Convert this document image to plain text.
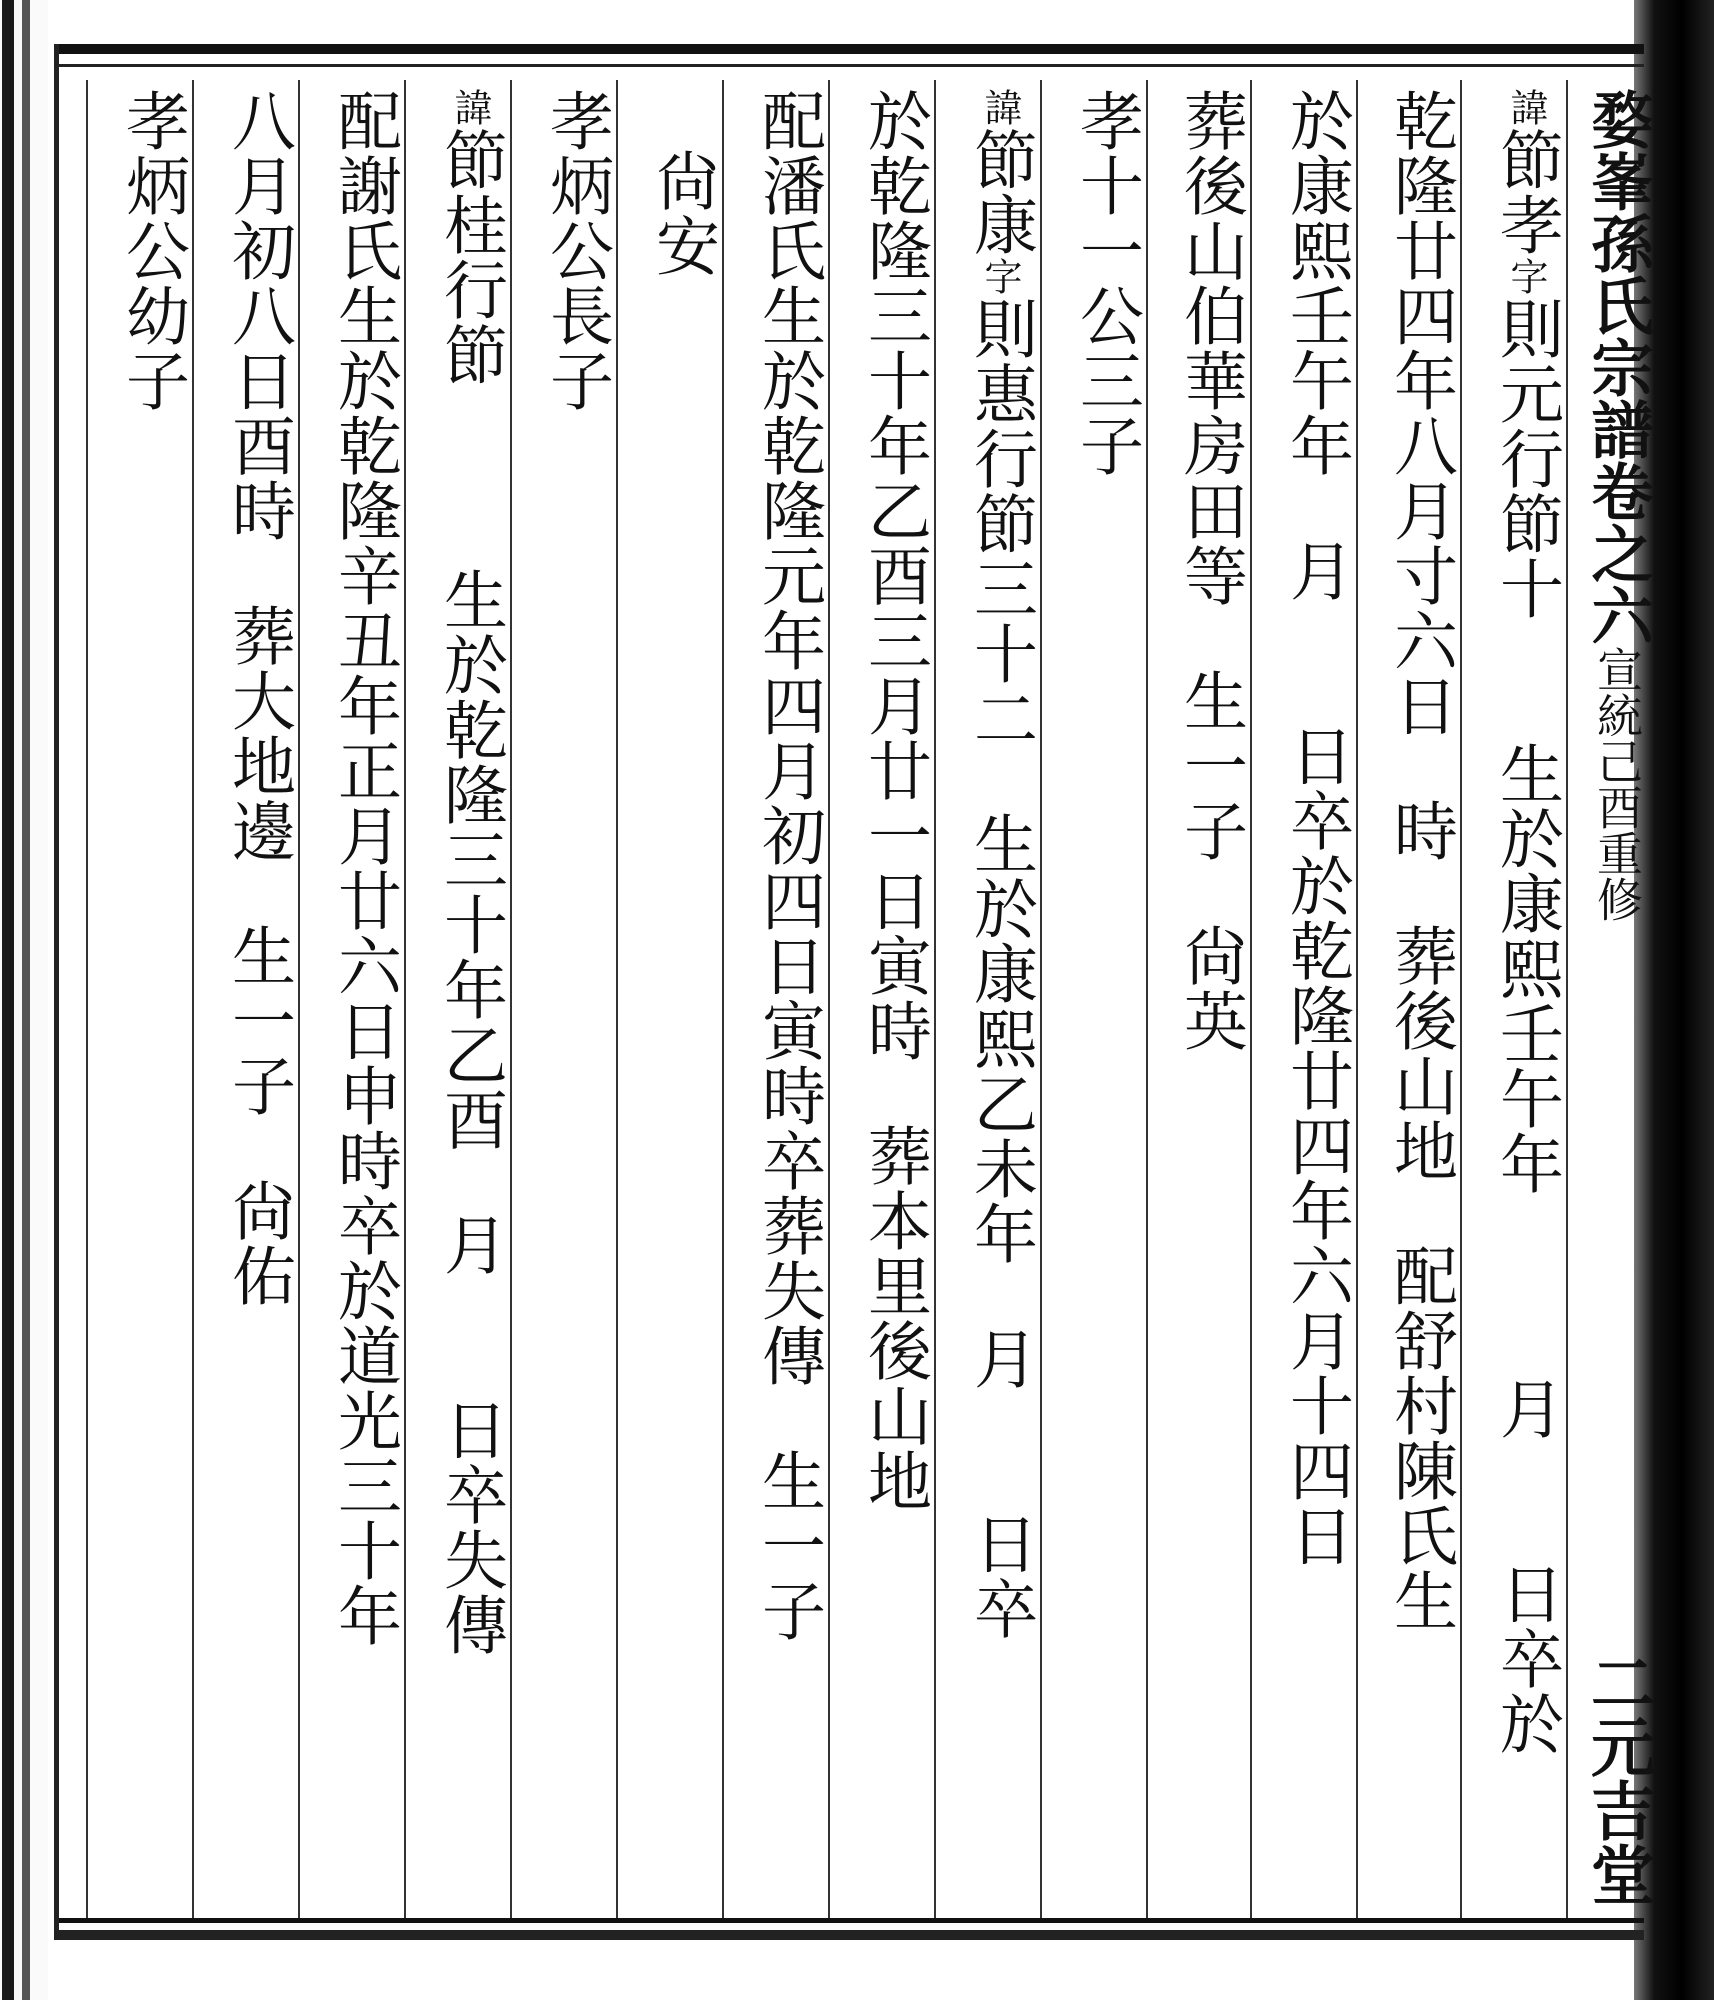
婺峯孫氏宗譜卷之六宣統己酉重修
二元吉堂
諱節孝字則元行節十生於康熙壬午年月日卒於
乾隆廿四年八月寸六日時葬後山地配舒村陳氏生
於康熙壬午年月日卒於乾隆廿四年六月十四日
葬後山伯華房田等生一子尙英
孝十一公三子
諱節康字則惠行節三十二生於康熙乙未年月日卒
於乾隆三十年乙酉三月廿一日寅時葬本里後山地
配潘氏生於乾隆元年四月初四日寅時卒葬失傳生一子
尙安
孝炳公長子
諱節桂行節生於乾隆三十年乙酉月日卒失傳
配謝氏生於乾隆辛丑年正月廿六日申時卒於道光三十年
八月初八日酉時葬大地邊生一子尙佑
孝炳公幼子
